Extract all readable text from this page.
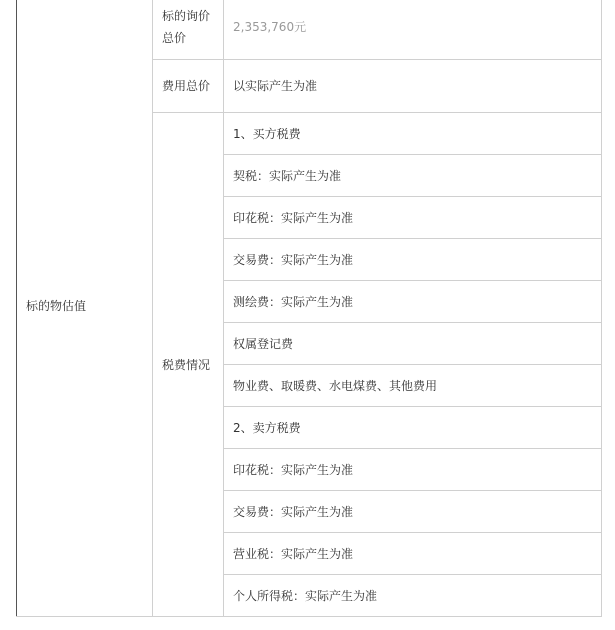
标的物估值	标的询价总价	2,353,760元
	费用总价	以实际产生为准
	税费情况	1、买方税费
		契税：实际产生为准
		印花税：实际产生为准
		交易费：实际产生为准
		测绘费：实际产生为准
		权属登记费
		物业费、取暖费、水电煤费、其他费用
		2、卖方税费
		印花税：实际产生为准
		交易费：实际产生为准
		营业税：实际产生为准
		个人所得税：实际产生为准
